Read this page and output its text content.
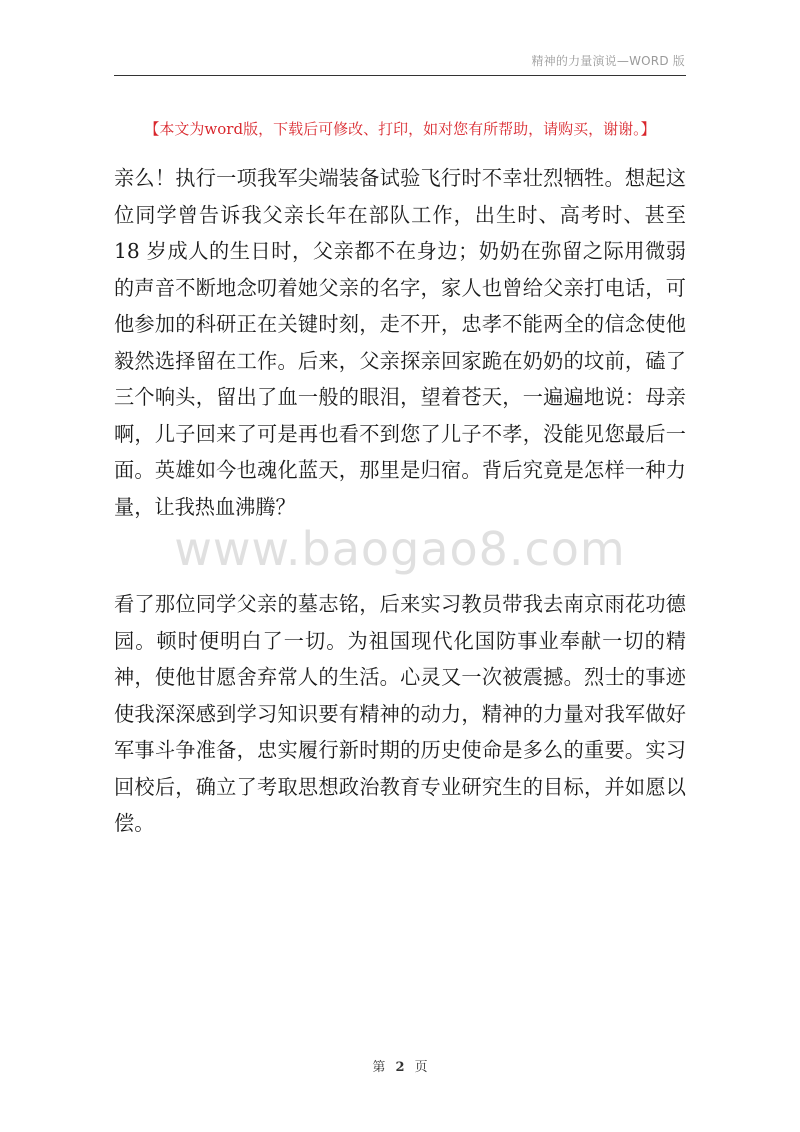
精神的力量演说—WORD 版
【本文为word版，下载后可修改、打印，如对您有所帮助，请购买，谢谢。】

亲么！执行一项我军尖端装备试验飞行时不幸壮烈牺牲。想起这位同学曾告诉我父亲长年在部队工作，出生时、高考时、甚至 18 岁成人的生日时，父亲都不在身边；奶奶在弥留之际用微弱的声音不断地念叨着她父亲的名字，家人也曾给父亲打电话，可他参加的科研正在关键时刻，走不开，忠孝不能两全的信念使他毅然选择留在工作。后来，父亲探亲回家跪在奶奶的坟前，磕了三个响头，留出了血一般的眼泪，望着苍天，一遍遍地说：母亲啊，儿子回来了可是再也看不到您了儿子不孝，没能见您最后一面。英雄如今也魂化蓝天，那里是归宿。背后究竟是怎样一种力量，让我热血沸腾？

www.baogao8.com

看了那位同学父亲的墓志铭，后来实习教员带我去南京雨花功德园。顿时便明白了一切。为祖国现代化国防事业奉献一切的精神，使他甘愿舍弃常人的生活。心灵又一次被震撼。烈士的事迹使我深深感到学习知识要有精神的动力，精神的力量对我军做好军事斗争准备，忠实履行新时期的历史使命是多么的重要。实习回校后，确立了考取思想政治教育专业研究生的目标，并如愿以偿。

第 2 页
